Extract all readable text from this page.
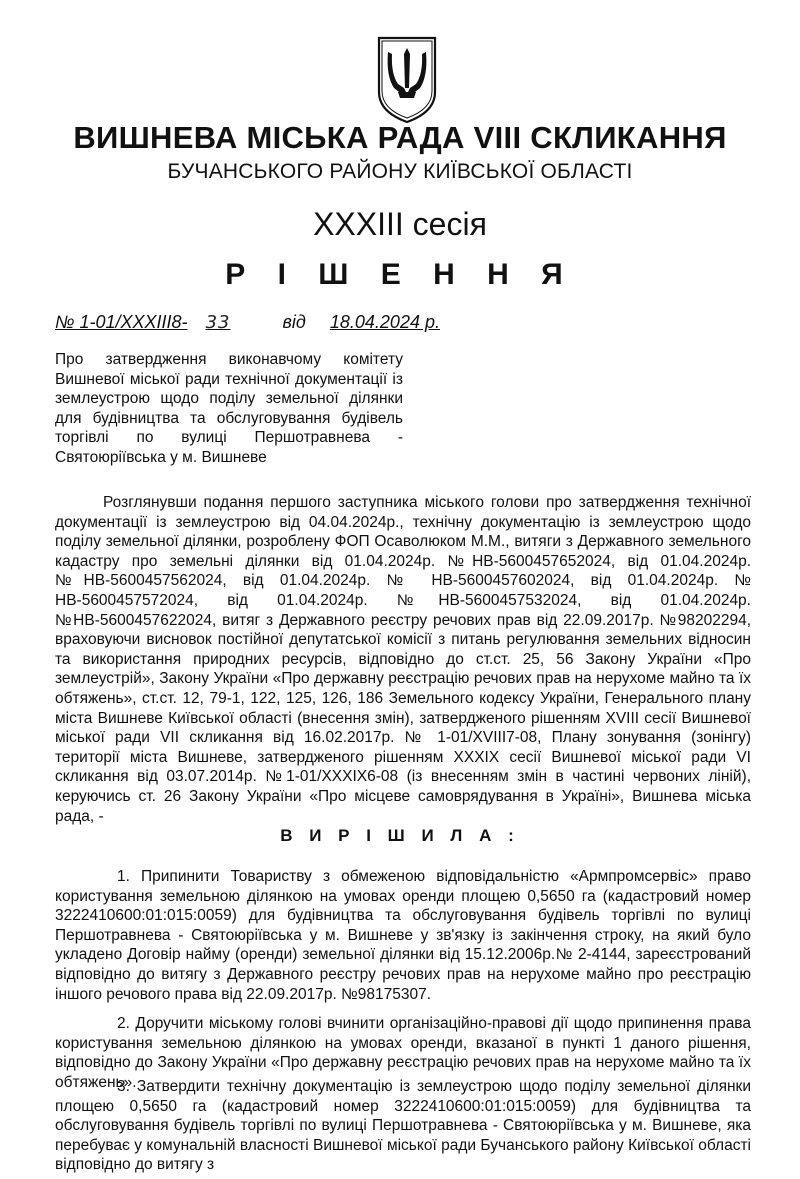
ВИШНЕВА МІСЬКА РАДА VIII СКЛИКАННЯ
БУЧАНСЬКОГО РАЙОНУ КИЇВСЬКОЇ ОБЛАСТІ
XXXIII сесія
Р І Ш Е Н Н Я
№ 1-01/XXXIII8- 33	від 18.04.2024 р.
Про затвердження виконавчому комітету Вишневої міської ради технічної документації із землеустрою щодо поділу земельної ділянки для будівництва та обслуговування будівель торгівлі по вулиці Першотравнева - Святоюріївська у м. Вишневе
Розглянувши подання першого заступника міського голови про затвердження технічної документації із землеустрою від 04.04.2024р., технічну документацію із землеустрою щодо поділу земельної ділянки, розроблену ФОП Осаволюком М.М., витяги з Державного земельного кадастру про земельні ділянки від 01.04.2024р. №НВ-5600457652024, від 01.04.2024р. №НВ-5600457562024, від 01.04.2024р. № НВ-5600457602024, від 01.04.2024р. № НВ-5600457572024, від 01.04.2024р. №НВ-5600457532024, від 01.04.2024р. №НВ-5600457622024, витяг з Державного реєстру речових прав від 22.09.2017р. №98202294, враховуючи висновок постійної депутатської комісії з питань регулювання земельних відносин та використання природних ресурсів, відповідно до ст.ст. 25, 56 Закону України «Про землеустрій», Закону України «Про державну реєстрацію речових прав на нерухоме майно та їх обтяжень», ст.ст. 12, 79-1, 122, 125, 126, 186 Земельного кодексу України, Генерального плану міста Вишневе Київської області (внесення змін), затвердженого рішенням XVIII сесії Вишневої міської ради VII скликання від 16.02.2017р. № 1-01/XVIII7-08, Плану зонування (зонінгу) території міста Вишневе, затвердженого рішенням XXXIX сесії Вишневої міської ради VI скликання від 03.07.2014р. №1-01/XXXIX6-08 (із внесенням змін в частині червоних ліній), керуючись ст. 26 Закону України «Про місцеве самоврядування в Україні», Вишнева міська рада, -
В И Р І Ш И Л А :
1. Припинити Товариству з обмеженою відповідальністю «Армпромсервіс» право користування земельною ділянкою на умовах оренди площею 0,5650 га (кадастровий номер 3222410600:01:015:0059) для будівництва та обслуговування будівель торгівлі по вулиці Першотравнева - Святоюріївська у м. Вишневе у зв'язку із закінчення строку, на який було укладено Договір найму (оренди) земельної ділянки від 15.12.2006р.№ 2-4144, зареєстрований відповідно до витягу з Державного реєстру речових прав на нерухоме майно про реєстрацію іншого речового права від 22.09.2017р. №98175307.
2. Доручити міському голові вчинити організаційно-правові дії щодо припинення права користування земельною ділянкою на умовах оренди, вказаної в пункті 1 даного рішення, відповідно до Закону України «Про державну реєстрацію речових прав на нерухоме майно та їх обтяжень».
3. Затвердити технічну документацію із землеустрою щодо поділу земельної ділянки площею 0,5650 га (кадастровий номер 3222410600:01:015:0059) для будівництва та обслуговування будівель торгівлі по вулиці Першотравнева - Святоюріївська у м. Вишневе, яка перебуває у комунальній власності Вишневої міської ради Бучанського району Київської області відповідно до витягу з
